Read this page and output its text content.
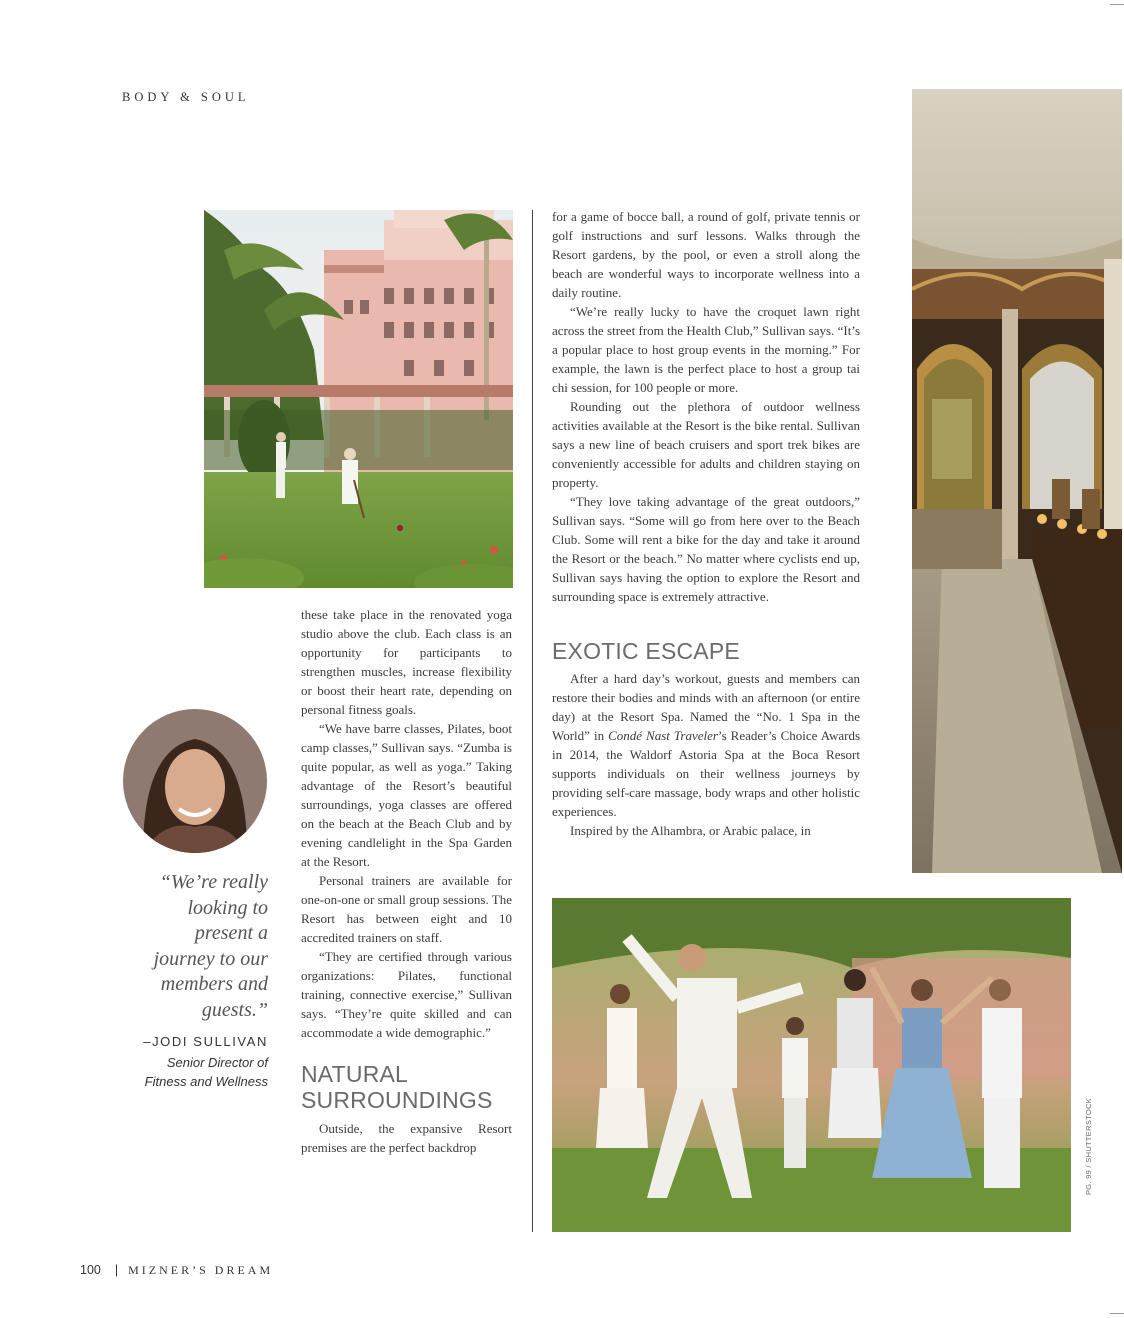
BODY & SOUL

these take place in the renovated yoga studio above the club. Each class is an opportunity for participants to strengthen muscles, increase flexibility or boost their heart rate, depending on personal fitness goals.

“We have barre classes, Pilates, boot camp classes,” Sullivan says. “Zumba is quite popular, as well as yoga.” Taking advantage of the Resort’s beautiful surroundings, yoga classes are offered on the beach at the Beach Club and by evening candlelight in the Spa Garden at the Resort.

Personal trainers are available for one-on-one or small group sessions. The Resort has between eight and 10 accredited trainers on staff.

“They are certified through various organizations: Pilates, functional training, connective exercise,” Sullivan says. “They’re quite skilled and can accommodate a wide demographic.”

NATURAL
SURROUNDINGS

Outside, the expansive Resort premises are the perfect backdrop

for a game of bocce ball, a round of golf, private tennis or golf instructions and surf lessons. Walks through the Resort gardens, by the pool, or even a stroll along the beach are wonderful ways to incorporate wellness into a daily routine.

“We’re really lucky to have the croquet lawn right across the street from the Health Club,” Sullivan says. “It’s a popular place to host group events in the morning.” For example, the lawn is the perfect place to host a group tai chi session, for 100 people or more.

Rounding out the plethora of outdoor wellness activities available at the Resort is the bike rental. Sullivan says a new line of beach cruisers and sport trek bikes are conveniently accessible for adults and children staying on property.

“They love taking advantage of the great outdoors,” Sullivan says. “Some will go from here over to the Beach Club. Some will rent a bike for the day and take it around the Resort or the beach.” No matter where cyclists end up, Sullivan says having the option to explore the Resort and surrounding space is extremely attractive.

EXOTIC ESCAPE

After a hard day’s workout, guests and members can restore their bodies and minds with an afternoon (or entire day) at the Resort Spa. Named the “No. 1 Spa in the World” in Condé Nast Traveler’s Reader’s Choice Awards in 2014, the Waldorf Astoria Spa at the Boca Resort supports individuals on their wellness journeys by providing self-care massage, body wraps and other holistic experiences.

Inspired by the Alhambra, or Arabic palace, in

“We’re really
looking to
present a
journey to our
members and
guests.”
–JODI SULLIVAN
Senior Director of
Fitness and Wellness
100 | MIZNER’S DREAM
PG. 99 / SHUTTERSTOCK
